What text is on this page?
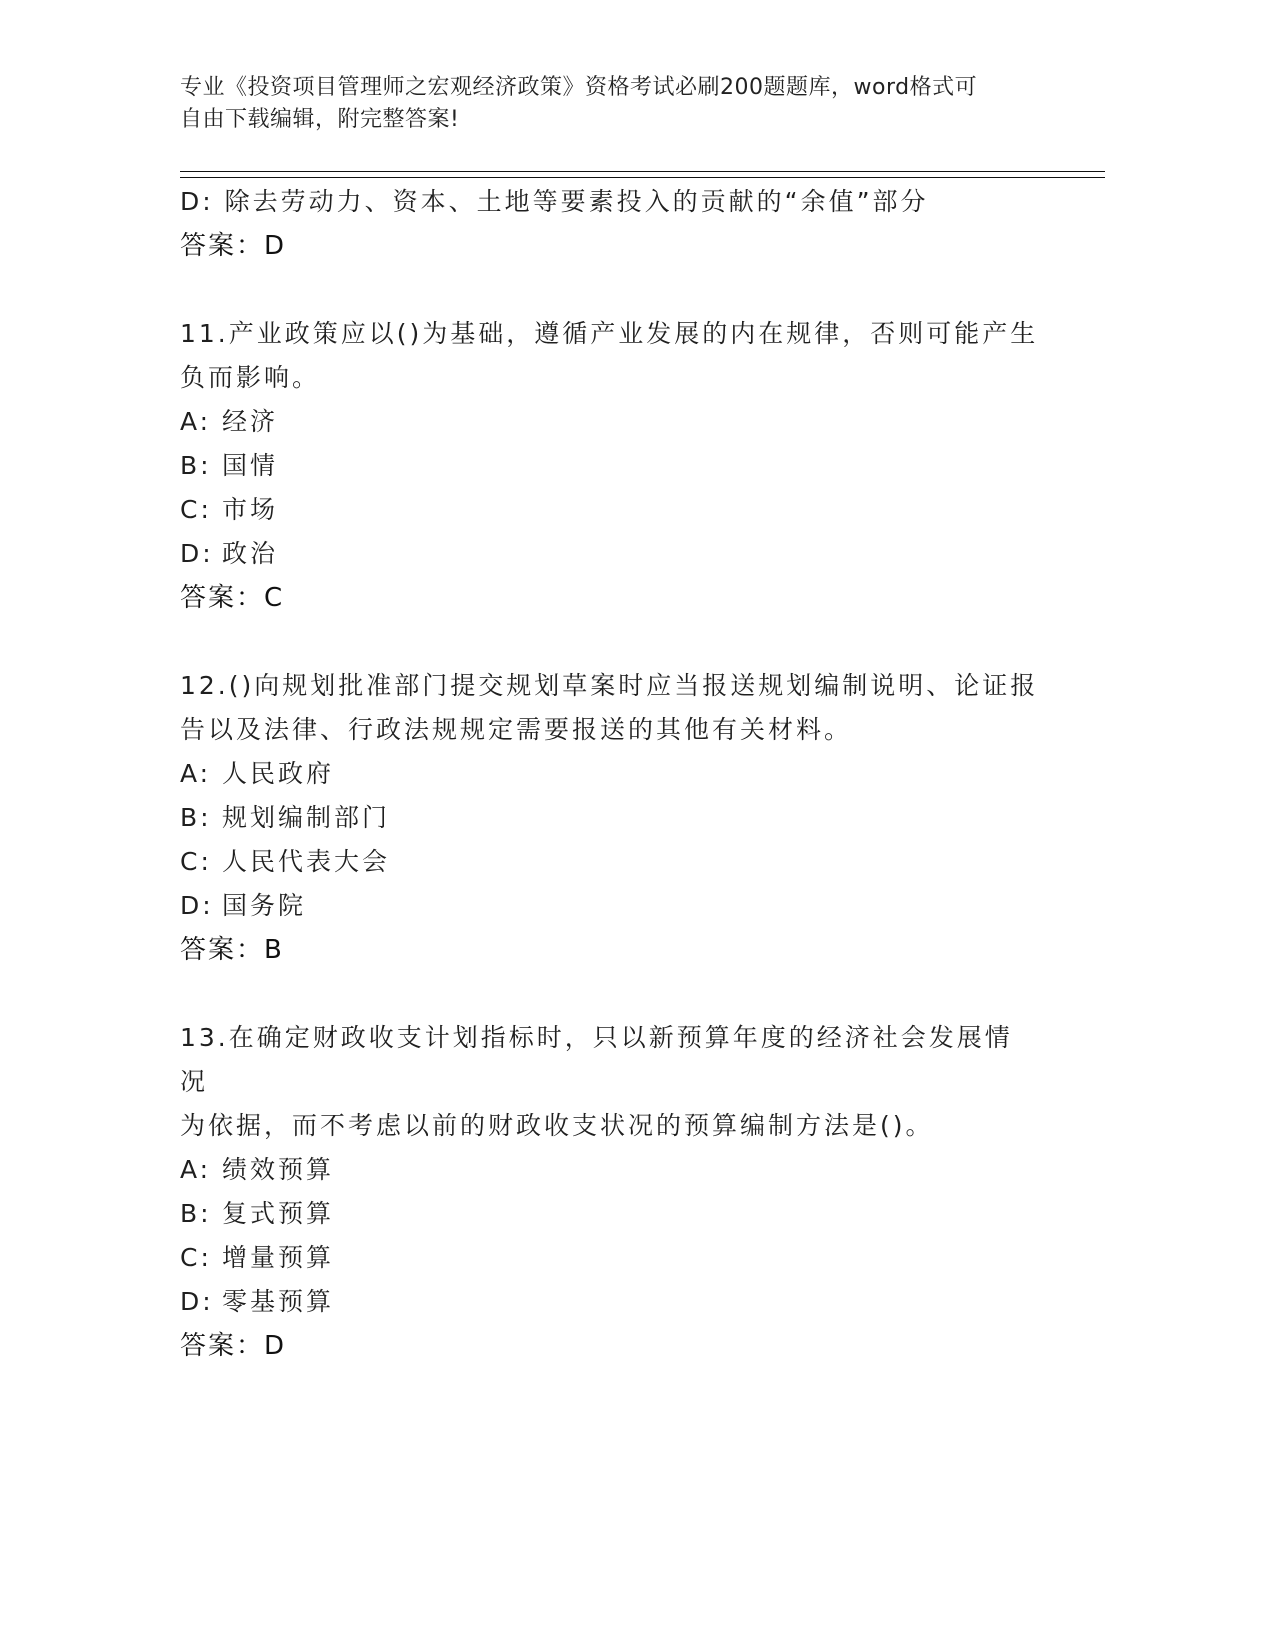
专业《投资项目管理师之宏观经济政策》资格考试必刷200题题库，word格式可
自由下载编辑，附完整答案!
D: 除去劳动力、资本、土地等要素投入的贡献的“余值”部分
答案：D
11.产业政策应以()为基础，遵循产业发展的内在规律，否则可能产生
负而影响。
A: 经济
B: 国情
C: 市场
D: 政治
答案：C
12.()向规划批准部门提交规划草案时应当报送规划编制说明、论证报
告以及法律、行政法规规定需要报送的其他有关材料。
A: 人民政府
B: 规划编制部门
C: 人民代表大会
D: 国务院
答案：B
13.在确定财政收支计划指标时，只以新预算年度的经济社会发展情况
为依据，而不考虑以前的财政收支状况的预算编制方法是()。
A: 绩效预算
B: 复式预算
C: 增量预算
D: 零基预算
答案：D
